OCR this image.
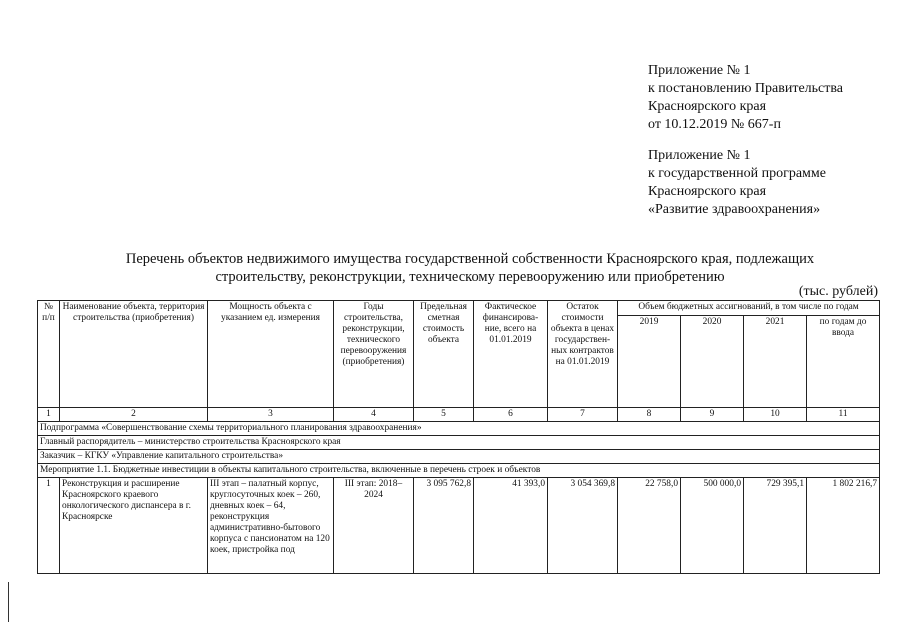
Приложение № 1
к постановлению Правительства
Красноярского края
от 10.12.2019 № 667-п
Приложение № 1
к государственной программе
Красноярского края
«Развитие здравоохранения»
Перечень объектов недвижимого имущества государственной собственности Красноярского края, подлежащих
строительству, реконструкции, техническому перевооружению или приобретению
(тыс. рублей)
№ п/п	Наименование объекта, территория строительства (приобретения)	Мощность объекта с указанием ед. измерения	Годы строительства, реконструкции, технического перевооружения (приобретения)	Предельная сметная стоимость объекта	Фактическое финансирова-ние, всего на 01.01.2019	Остаток стоимости объекта в ценах государствен-ных контрактов на 01.01.2019	Объем бюджетных ассигнований, в том числе по годам			
							2019	2020	2021	по годам до ввода
1	2	3	4	5	6	7	8	9	10	11
Подпрограмма «Совершенствование схемы территориального планирования здравоохранения»										
Главный распорядитель – министерство строительства Красноярского края										
Заказчик – КГКУ «Управление капитального строительства»										
Мероприятие 1.1. Бюджетные инвестиции в объекты капитального строительства, включенные в перечень строек и объектов										
1	Реконструкция и расширение Красноярского краевого онкологического диспансера в г. Красноярске	III этап – палатный корпус, круглосуточных коек – 260, дневных коек – 64, реконструкция административно-бытового корпуса с пансионатом на 120 коек, пристройка под	III этап: 2018–2024	3 095 762,8	41 393,0	3 054 369,8	22 758,0	500 000,0	729 395,1	1 802 216,7
